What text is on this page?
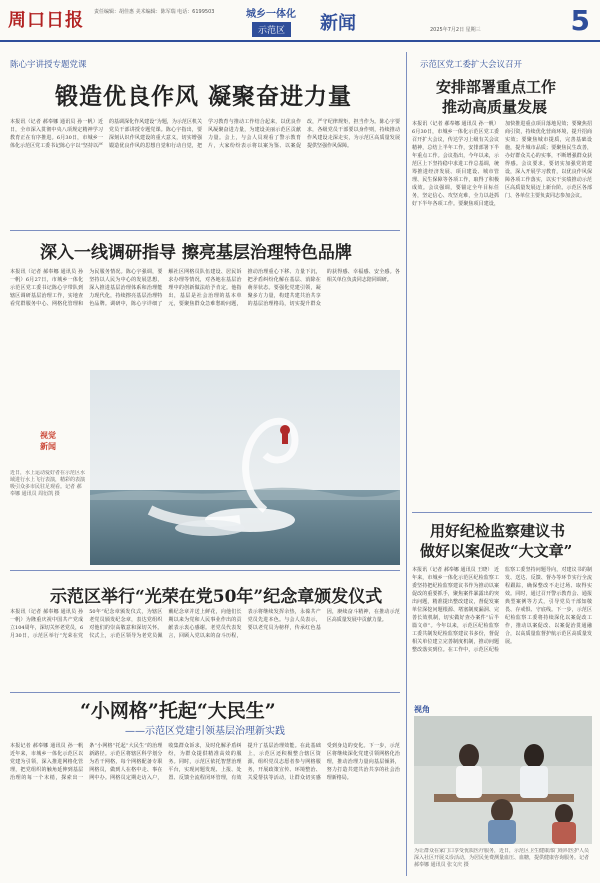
周口日报 责任编辑：胡佳惠 美术编辑：陈军瑞 电话：6199503	城乡一体化
示范区	新闻	2025年7月2日 星期三	5
陈心宇讲授专题党课
锻造优良作风 凝聚奋进力量
本报讯（记者 郝奉娜 通讯员 孙一帆）近日，全市深入贯彻中央八项规定精神学习教育正在有序推进。6月30日，市城乡一体化示范区党工委书记陈心宇以“坚持以严的基调深化作风建设”为题，为示范区机关党员干部讲授专题党课。陈心宇指出，要深刻认识作风建设的重大意义，切实增强锻造优良作风的思想自觉和行动自觉，把学习教育与推动工作结合起来，以优良作风凝聚奋进力量，为建设美丽示范区贡献力量。会上，与会人员观看了警示教育片，大家纷纷表示将以案为鉴、以案促改，严守纪律规矩，担当作为。陈心宇要求，各级党员干部要以身作则，持续推动作风建设走深走实，为示范区高质量发展提供坚强作风保障。
深入一线调研指导 擦亮基层治理特色品牌
本报讯（记者 郝奉娜 通讯员 孙一帆）6月27日，市城乡一体化示范区党工委书记陈心宇带队到辖区调研基层治理工作，实地查看党群服务中心、网格化管理和为民服务情况。陈心宇强调，要坚持以人民为中心的发展思想，深入推进基层治理体系和治理能力现代化，持续擦亮基层治理特色品牌。调研中，陈心宇详细了解社区网格员队伍建设、居民诉求办理等情况，对各地在基层治理中的创新做法给予肯定。他指出，基层是社会治理的基本单元，要聚焦群众急难愁盼问题，推动治理重心下移、力量下沉，把矛盾纠纷化解在基层、消除在萌芽状态。要强化党建引领，凝聚多方力量，构建共建共治共享的基层治理格局，切实提升群众的获得感、幸福感、安全感。各相关单位负责同志陪同调研。
视觉
新闻
近日，水上运动爱好者在示范区水域进行水上飞行表演，精彩的表演吸引众多市民驻足观看。记者 郝奉娜 通讯员 周衍凯 摄
示范区举行“光荣在党50年”纪念章颁发仪式
本报讯（记者 郝奉娜 通讯员 孙一帆）为隆重庆祝中国共产党成立104周年，深切关怀老党员，6月30日，示范区举行“光荣在党50年”纪念章颁发仪式，为辖区老党员颁发纪念章，表达党组织对他们的崇高敬意和深切关怀。仪式上，示范区领导为老党员佩戴纪念章并送上鲜花，向他们长期以来为党和人民事业作出的贡献表示衷心感谢。老党员代表发言，回顾入党以来的奋斗历程，表示将继续发挥余热，永葆共产党员先进本色。与会人员表示，要以老党员为榜样，传承红色基因，赓续奋斗精神，在推动示范区高质量发展中贡献力量。
“小网格”托起“大民生”
——示范区党建引领基层治理新实践
本报记者 郝奉娜 通讯员 孙一帆 近年来，市城乡一体化示范区以党建为引领，深入推进网格化管理，把党组织的触角延伸到基层治理的每一个末梢，探索出一条“小网格”托起“大民生”的治理新路径。示范区将辖区科学划分为若干网格，每个网格配备专职网格员，做到人在格中走、事在网中办。网格员定期走访入户，收集群众诉求，及时化解矛盾纠纷，为群众提供精准高效的服务。同时，示范区依托智慧治理平台，实现问题发现、上报、处置、反馈全流程闭环管理，有效提升了基层治理效能。在此基础上，示范区还积极整合辖区资源，组织党员志愿者参与网格服务，开展政策宣传、环境整治、关爱帮扶等活动，让群众切实感受到身边的变化。下一步，示范区将继续深化党建引领网格化治理，推动治理力量向基层倾斜，努力打造共建共治共享的社会治理新格局。
示范区党工委扩大会议召开
安排部署重点工作
推动高质量发展
本报讯（记者 郝奉娜 通讯员 孙一帆）6月30日，市城乡一体化示范区党工委召开扩大会议，传达学习上级有关会议精神，总结上半年工作，安排部署下半年重点工作。会议指出，今年以来，示范区上下坚持稳中求进工作总基调，统筹推进经济发展、项目建设、城市管理、民生保障等各项工作，取得了积极成效。会议强调，要锚定全年目标任务，坚定信心、攻坚克难，全力以赴抓好下半年各项工作。要聚焦项目建设，加快推进重点项目落地见效；要聚焦招商引资，持续优化营商环境，提升招商实效；要聚焦城市提质，完善基础设施，提升城市品质；要聚焦民生改善，办好群众关心的实事，不断增强群众获得感。会议要求，要切实加强党的建设，深入开展学习教育，以优良作风保障各项工作落实，以实干实绩推动示范区高质量发展迈上新台阶。示范区各部门、各单位主要负责同志参加会议。
用好纪检监察建议书
做好以案促改“大文章”
本报讯（记者 郝奉娜 通讯员 王晓） 近年来，市城乡一体化示范区纪检监察工委坚持把纪检监察建议书作为推动以案促改的重要抓手，聚焦案件暴露出的突出问题，精准提出整改建议，督促发案单位深挖问题根源、堵塞制度漏洞、完善长效机制，切实做好查办案件“后半篇文章”。今年以来，示范区纪检监察工委共制发纪检监察建议书多份，督促相关单位建立完善制度机制，推动问题整改落实到位。在工作中，示范区纪检监察工委坚持问题导向，对建议书的制发、送达、反馈、督办等环节实行全流程跟踪，确保整改不走过场、取得实效。同时，通过召开警示教育会、通报典型案例等方式，引导党员干部知敬畏、存戒惧、守底线。下一步，示范区纪检监察工委将持续深化以案促改工作，推动以案促改、以案促治贯通融合，以高质量监督护航示范区高质量发展。
视角
为让群众在家门口享受优质医疗服务，近日，示范区卫生健康部门组织医护人员深入社区开展义诊活动，为居民免费测量血压、血糖，提供健康咨询服务。记者 郝奉娜 通讯员 张文庆 摄
